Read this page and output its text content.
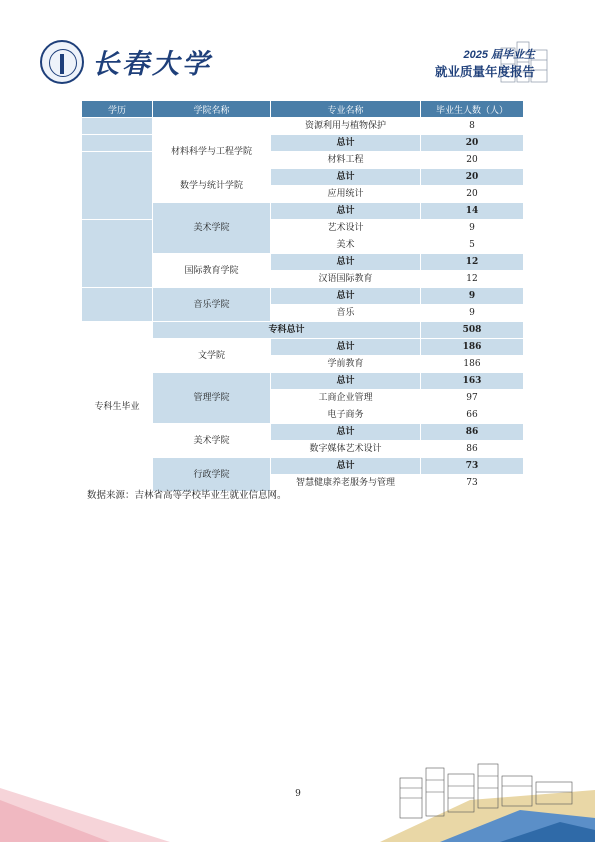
长春大学	2025 届毕业生
就业质量年度报告
学历	学院名称	专业名称	毕业生人数（人）
		资源利用与植物保护	8
	材料科学与工程学院	总计	20
		材料工程	20
	数学与统计学院	总计	20
		应用统计	20
	美术学院	总计	14
		艺术设计	9
		美术	5
	国际教育学院	总计	12
		汉语国际教育	12
	音乐学院	总计	9
		音乐	9
专科生毕业	专科总计		508
	文学院	总计	186
		学前教育	186
	管理学院	总计	163
		工商企业管理	97
		电子商务	66
	美术学院	总计	86
		数字媒体艺术设计	86
	行政学院	总计	73
		智慧健康养老服务与管理	73
数据来源：吉林省高等学校毕业生就业信息网。
9
